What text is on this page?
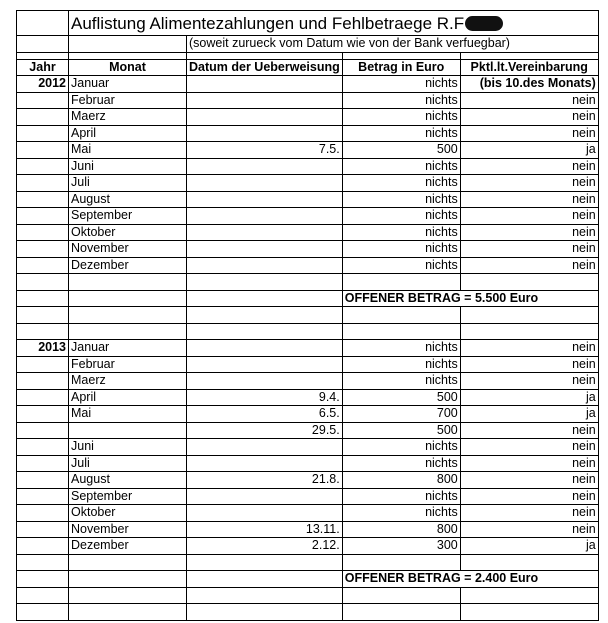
	Auflistung Alimentezahlungen und Fehlbetraege R.F			
		(soweit zurueck vom Datum wie von der Bank verfuegbar)		

Jahr	Monat	Datum der Ueberweisung	Betrag in Euro	Pktl.lt.Vereinbarung
2012	Januar		nichts	(bis 10.des Monats)
	Februar		nichts	nein
	Maerz		nichts	nein
	April		nichts	nein
	Mai	7.5.	500	ja
	Juni		nichts	nein
	Juli		nichts	nein
	August		nichts	nein
	September		nichts	nein
	Oktober		nichts	nein
	November		nichts	nein
	Dezember		nichts	nein

			OFFENER BETRAG = 5.500 Euro	

2013	Januar		nichts	nein
	Februar		nichts	nein
	Maerz		nichts	nein
	April	9.4.	500	ja
	Mai	6.5.	700	ja
		29.5.	500	nein
	Juni		nichts	nein
	Juli		nichts	nein
	August	21.8.	800	nein
	September		nichts	nein
	Oktober		nichts	nein
	November	13.11.	800	nein
	Dezember	2.12.	300	ja

			OFFENER BETRAG = 2.400 Euro	
